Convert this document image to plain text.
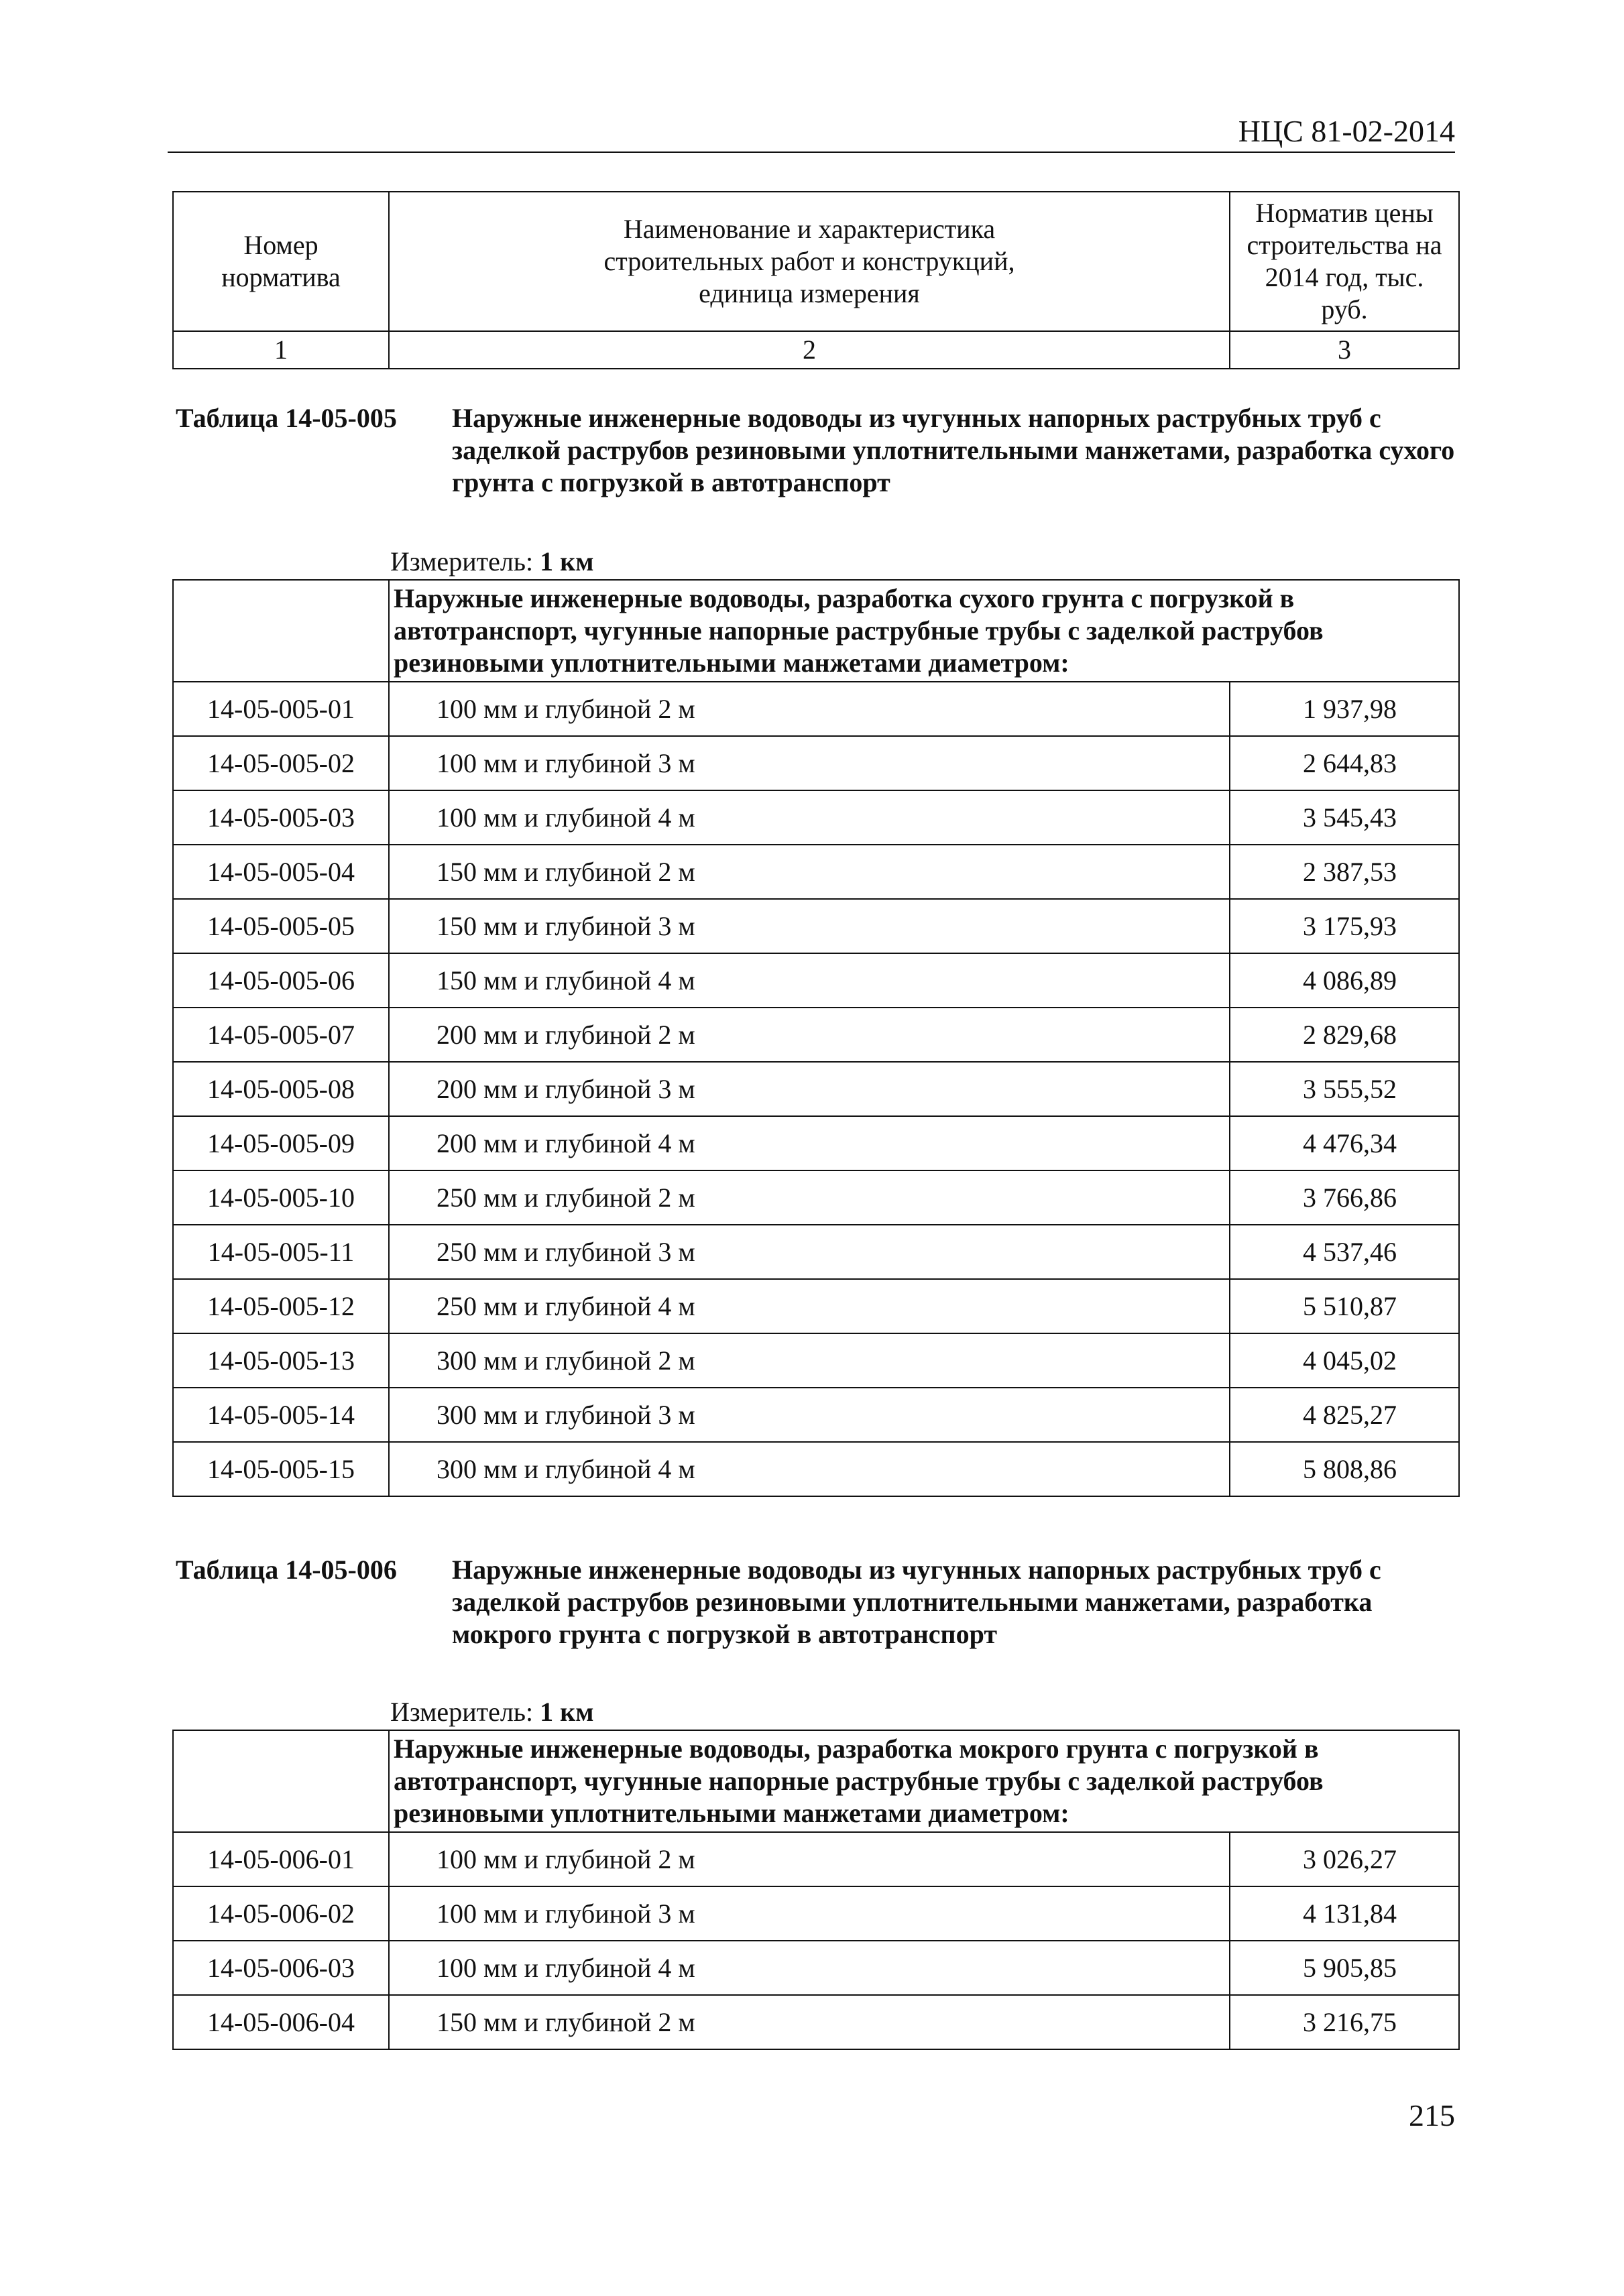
НЦС 81-02-2014
Номер норматива	Наименование и характеристика строительных работ и конструкций, единица измерения	Норматив цены строительства на 2014 год, тыс. руб.

1	2	3
Таблица 14-05-005 Наружные инженерные водоводы из чугунных напорных раструбных труб с заделкой раструбов резиновыми уплотнительными манжетами, разработка сухого грунта с погрузкой в автотранспорт
Измеритель: 1 км
	Наружные инженерные водоводы, разработка сухого грунта с погрузкой в автотранспорт, чугунные напорные раструбные трубы с заделкой раструбов резиновыми уплотнительными манжетами диаметром:	
14-05-005-01	100 мм и глубиной 2 м	1 937,98
14-05-005-02	100 мм и глубиной 3 м	2 644,83
14-05-005-03	100 мм и глубиной 4 м	3 545,43
14-05-005-04	150 мм и глубиной 2 м	2 387,53
14-05-005-05	150 мм и глубиной 3 м	3 175,93
14-05-005-06	150 мм и глубиной 4 м	4 086,89
14-05-005-07	200 мм и глубиной 2 м	2 829,68
14-05-005-08	200 мм и глубиной 3 м	3 555,52
14-05-005-09	200 мм и глубиной 4 м	4 476,34
14-05-005-10	250 мм и глубиной 2 м	3 766,86
14-05-005-11	250 мм и глубиной 3 м	4 537,46
14-05-005-12	250 мм и глубиной 4 м	5 510,87
14-05-005-13	300 мм и глубиной 2 м	4 045,02
14-05-005-14	300 мм и глубиной 3 м	4 825,27
14-05-005-15	300 мм и глубиной 4 м	5 808,86
Таблица 14-05-006 Наружные инженерные водоводы из чугунных напорных раструбных труб с заделкой раструбов резиновыми уплотнительными манжетами, разработка мокрого грунта с погрузкой в автотранспорт
Измеритель: 1 км
	Наружные инженерные водоводы, разработка мокрого грунта с погрузкой в автотранспорт, чугунные напорные раструбные трубы с заделкой раструбов резиновыми уплотнительными манжетами диаметром:	
14-05-006-01	100 мм и глубиной 2 м	3 026,27
14-05-006-02	100 мм и глубиной 3 м	4 131,84
14-05-006-03	100 мм и глубиной 4 м	5 905,85
14-05-006-04	150 мм и глубиной 2 м	3 216,75
215
